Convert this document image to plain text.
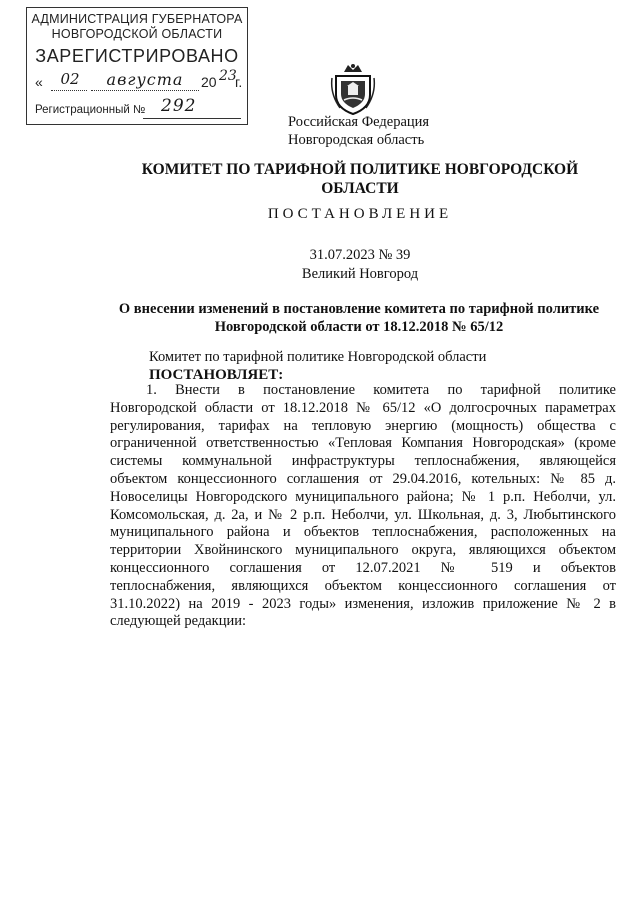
АДМИНИСТРАЦИЯ ГУБЕРНАТОРА
НОВГОРОДСКОЙ ОБЛАСТИ
ЗАРЕГИСТРИРОВАНО
« 02	августа	20 23
г.
Регистрационный № 292
Российская Федерация
Новгородская область
КОМИТЕТ ПО ТАРИФНОЙ ПОЛИТИКЕ НОВГОРОДСКОЙ
ОБЛАСТИ
ПОСТАНОВЛЕНИЕ
31.07.2023 № 39
Великий Новгород
О внесении изменений в постановление комитета по тарифной политике
Новгородской области от 18.12.2018 № 65/12
Комитет по тарифной политике Новгородской области
ПОСТАНОВЛЯЕТ:
1. Внести в постановление комитета по тарифной политике
Новгородской области от 18.12.2018 № 65/12 «О долгосрочных параметрах
регулирования, тарифах на тепловую энергию (мощность) общества с
ограниченной ответственностью «Тепловая Компания Новгородская» (кроме
системы коммунальной инфраструктуры теплоснабжения, являющейся
объектом концессионного соглашения от 29.04.2016, котельных: № 85 д.
Новоселицы Новгородского муниципального района; № 1 р.п. Неболчи, ул.
Комсомольская, д. 2а, и № 2 р.п. Неболчи, ул. Школьная, д. 3, Любытинского
муниципального района и объектов теплоснабжения, расположенных на
территории Хвойнинского муниципального округа, являющихся объектом
концессионного соглашения от 12.07.2021 № 519 и объектов
теплоснабжения, являющихся объектом концессионного соглашения от
31.10.2022) на 2019 - 2023 годы» изменения, изложив приложение № 2 в
следующей редакции:
